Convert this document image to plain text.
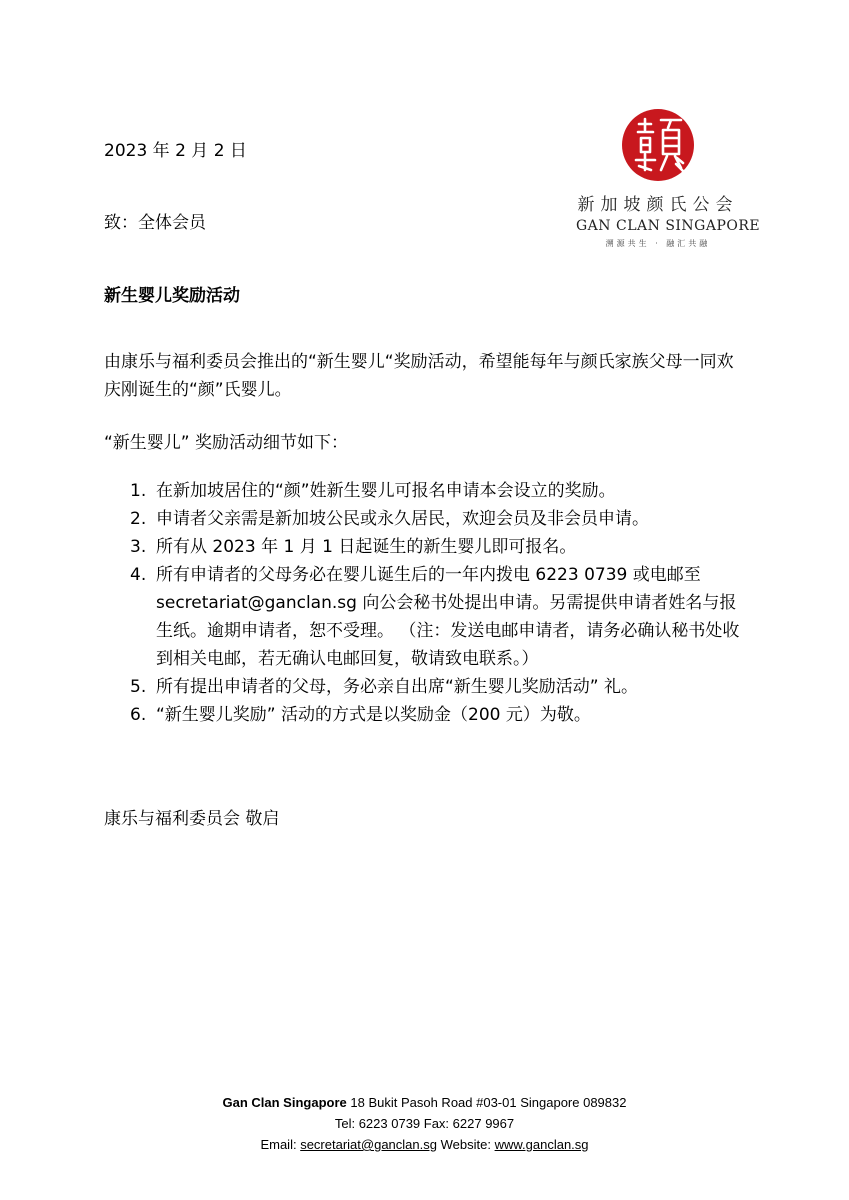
新加坡颜氏公会
GAN CLAN SINGAPORE
溯源共生 · 融汇共融
2023 年 2 月 2 日
致：全体会员
新生婴儿奖励活动

由康乐与福利委员会推出的“新生婴儿“奖励活动，希望能每年与颜氏家族父母一同欢庆刚诞生的“颜”氏婴儿。

“新生婴儿” 奖励活动细节如下：
1. 在新加坡居住的“颜”姓新生婴儿可报名申请本会设立的奖励。
2. 申请者父亲需是新加坡公民或永久居民，欢迎会员及非会员申请。
3. 所有从 2023 年 1 月 1 日起诞生的新生婴儿即可报名。
4. 所有申请者的父母务必在婴儿诞生后的一年内拨电 6223 0739 或电邮至 secretariat@ganclan.sg 向公会秘书处提出申请。另需提供申请者姓名与报生纸。逾期申请者，恕不受理。 （注：发送电邮申请者，请务必确认秘书处收到相关电邮，若无确认电邮回复，敬请致电联系。）
5. 所有提出申请者的父母，务必亲自出席“新生婴儿奖励活动” 礼。
6. “新生婴儿奖励” 活动的方式是以奖励金（200 元）为敬。
康乐与福利委员会 敬启
Gan Clan Singapore 18 Bukit Pasoh Road #03-01 Singapore 089832
Tel: 6223 0739 Fax: 6227 9967
Email: secretariat@ganclan.sg Website: www.ganclan.sg
